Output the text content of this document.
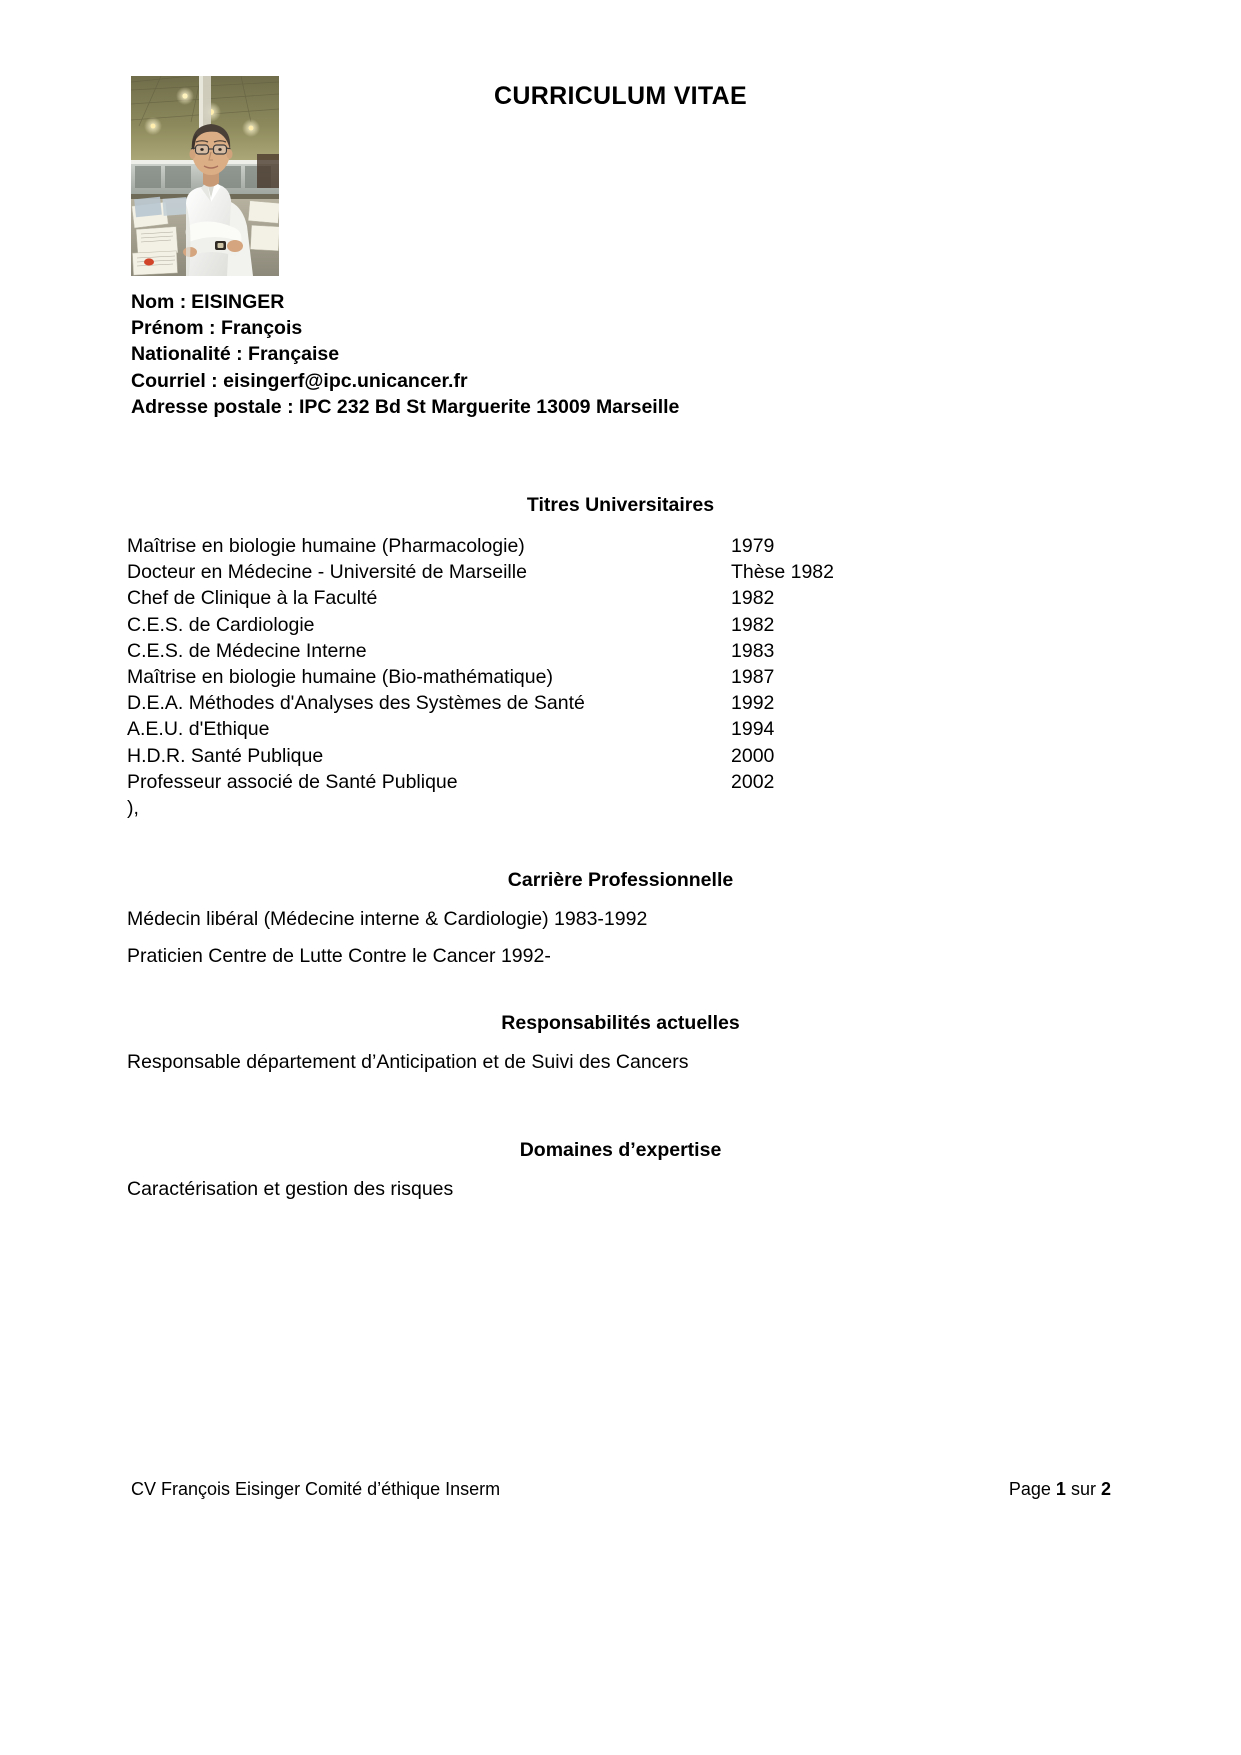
CURRICULUM VITAE
Nom : EISINGER
Prénom : François
Nationalité : Française
Courriel : eisingerf@ipc.unicancer.fr
Adresse postale : IPC 232 Bd St Marguerite 13009 Marseille
Titres Universitaires
Maîtrise en biologie humaine (Pharmacologie)	1979
Docteur en Médecine - Université de Marseille	Thèse 1982
Chef de Clinique à la Faculté	1982
C.E.S. de Cardiologie	1982
C.E.S. de Médecine Interne	1983
Maîtrise en biologie humaine (Bio-mathématique)	1987
D.E.A. Méthodes d'Analyses des Systèmes de Santé	1992
A.E.U. d'Ethique	1994
H.D.R. Santé Publique	2000
Professeur associé de Santé Publique	2002
),
Carrière Professionnelle
Médecin libéral (Médecine interne & Cardiologie) 1983-1992
Praticien Centre de Lutte Contre le Cancer 1992-
Responsabilités actuelles
Responsable département d’Anticipation et de Suivi des Cancers
Domaines d’expertise
Caractérisation et gestion des risques
CV François Eisinger Comité d’éthique Inserm	Page 1 sur 2
